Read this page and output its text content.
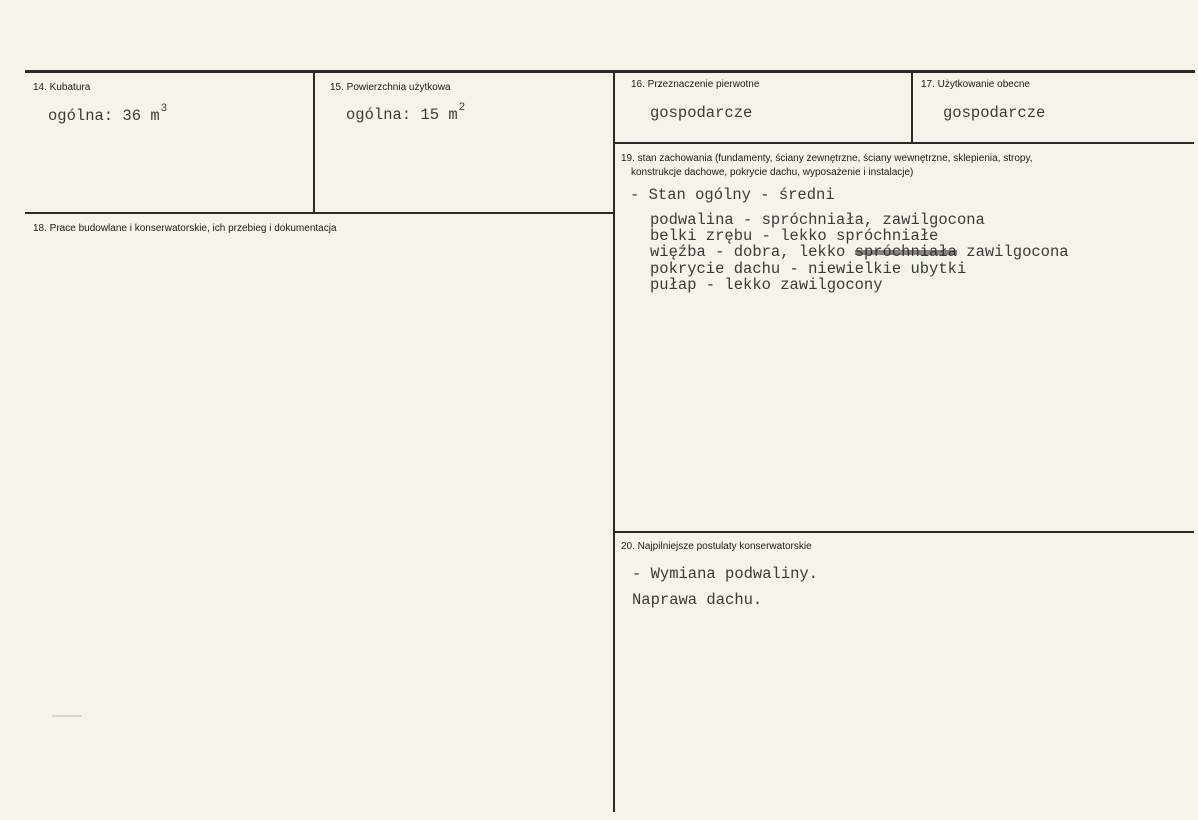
14. Kubatura
ogólna: 36 $m^3$
15. Powierzchnia użytkowa
ogólna: 15 $m^2$
16. Przeznaczenie pierwotne
gospodarcze
17. Użytkowanie obecne
gospodarcze
18. Prace budowlane i konserwatorskie, ich przebieg i dokumentacja
19. stan zachowania (fundamenty, ściany zewnętrzne, ściany wewnętrzne, sklepienia, stropy,
konstrukcje dachowe, pokrycie dachu, wyposażenie i instalacje)
- Stan ogólny - średni
podwalina - spróchniała, zawilgocona
belki zrębu - lekko spróchniałe
więźba - dobra, lekko spróchniała zawilgocona
pokrycie dachu - niewielkie ubytki
pułap - lekko zawilgocony
20. Najpilniejsze postulaty konserwatorskie
- Wymiana podwaliny.
Naprawa dachu.
